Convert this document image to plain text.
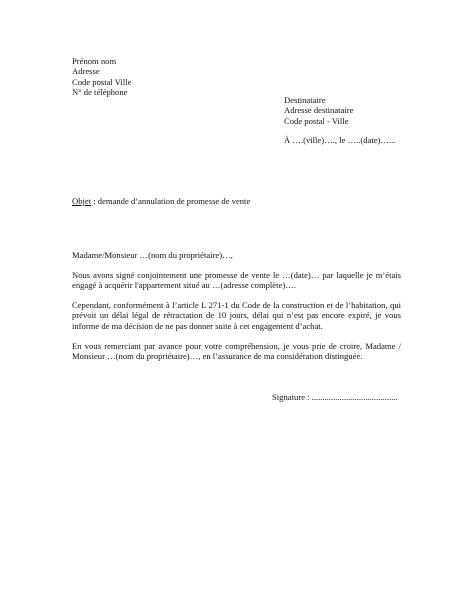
Prénom nom
Adresse
Code postal Ville
N° de téléphone
Destinataire
Adresse destinataire
Code postal - Ville
À ….(ville)…., le …..(date)…...
Objet : demande d’annulation de promesse de vente
Madame/Monsieur …(nom du propriétaire)…,
Nous avons signé conjointement une promesse de vente le …(date)… par laquelle je m’étais
engagé à acquérir l'appartement situé au …(adresse complète)….
Cependant, conformément à l’article L 271-1 du Code de la construction et de l’habitation, qui
prévoit un délai légal de rétractation de 10 jours, délai qui n’est pas encore expiré, je vous
informe de ma décision de ne pas donner suite à cet engagement d’achat.
En vous remerciant par avance pour votre compréhension, je vous prie de croire, Madame /
Monsieur …(nom du propriétaire)…, en l’assurance de ma considération distinguée.
Signature : ........................................
